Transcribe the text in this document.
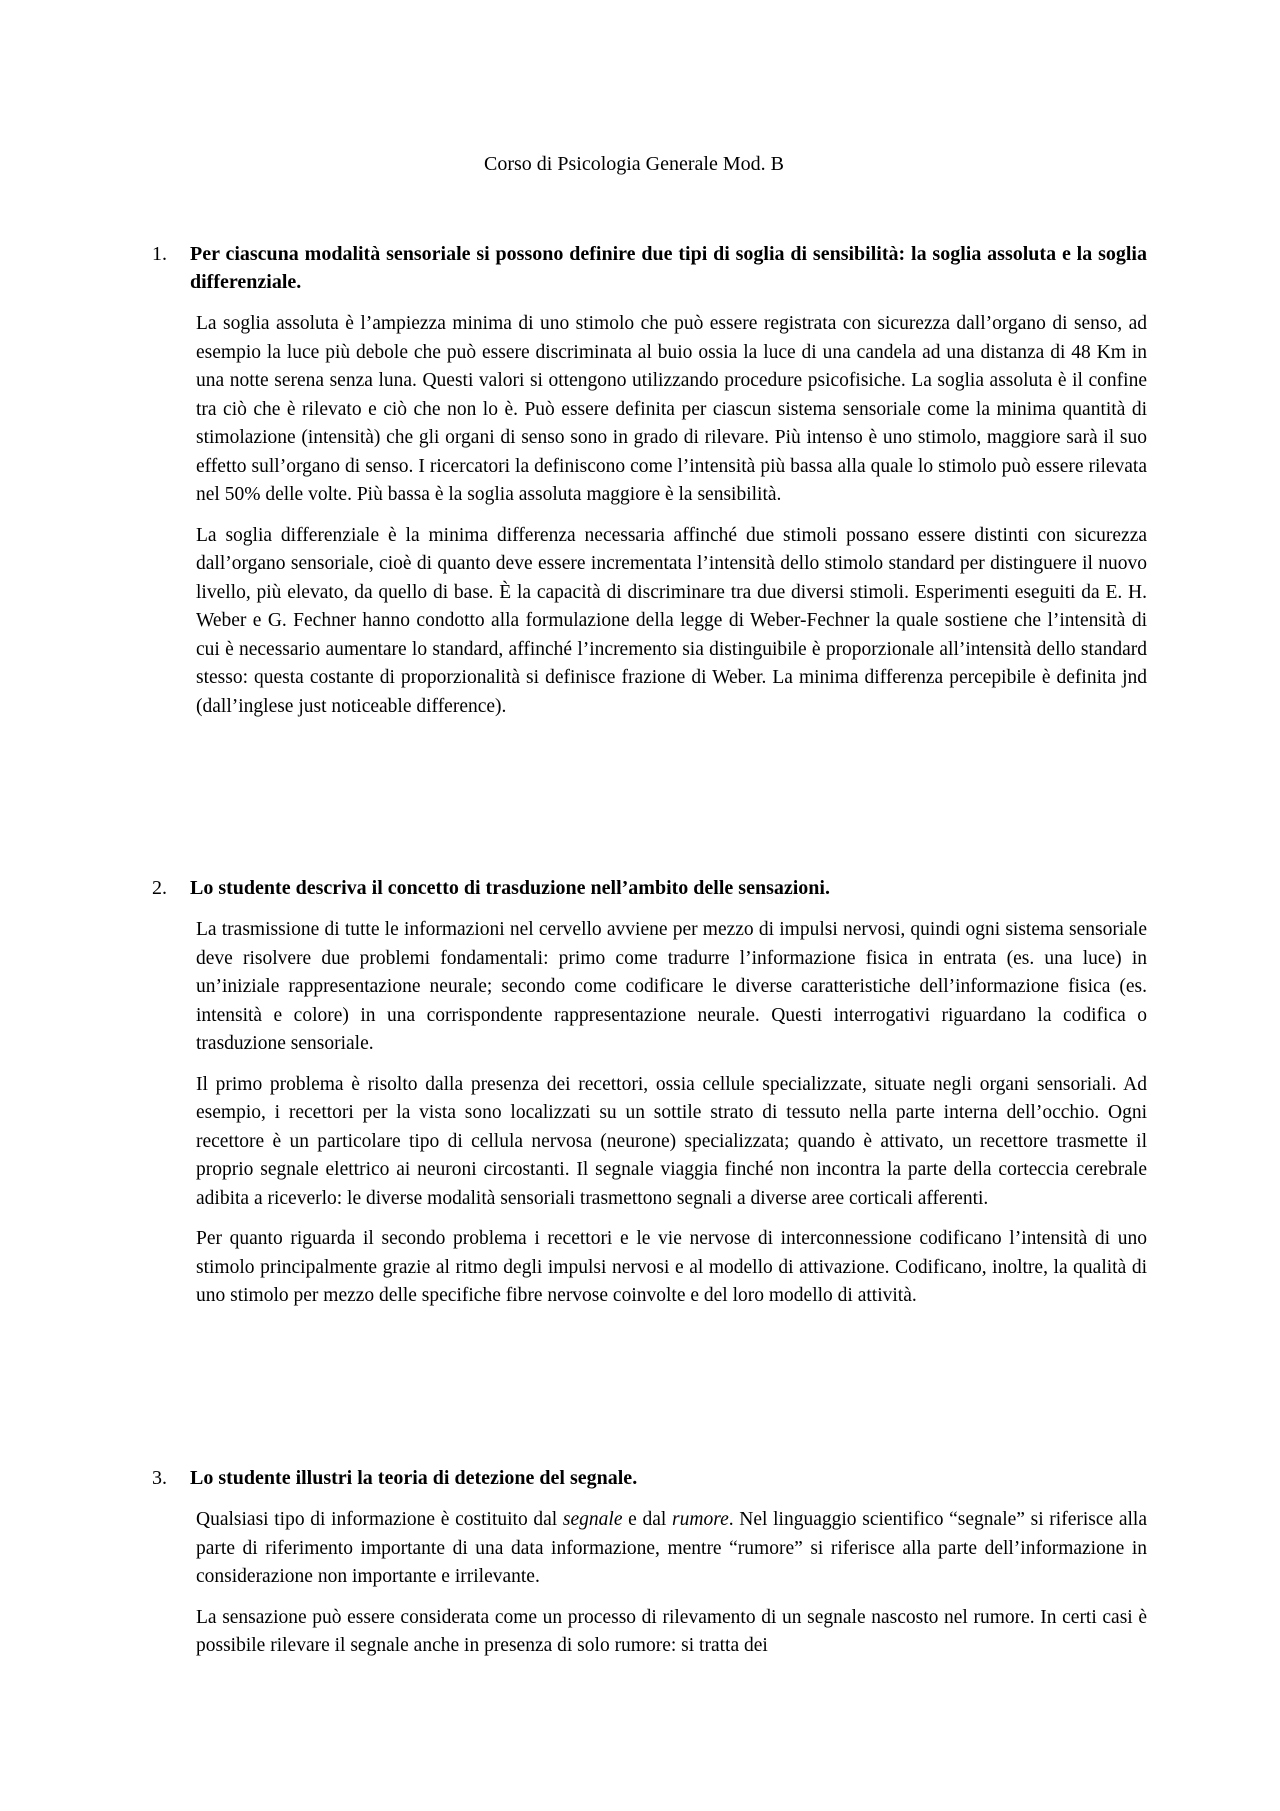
Corso di Psicologia Generale Mod. B
1.	Per ciascuna modalità sensoriale si possono definire due tipi di soglia di sensibilità: la soglia assoluta e la soglia differenziale.

La soglia assoluta è l’ampiezza minima di uno stimolo che può essere registrata con sicurezza dall’organo di senso, ad esempio la luce più debole che può essere discriminata al buio ossia la luce di una candela ad una distanza di 48 Km in una notte serena senza luna. Questi valori si ottengono utilizzando procedure psicofisiche. La soglia assoluta è il confine tra ciò che è rilevato e ciò che non lo è. Può essere definita per ciascun sistema sensoriale come la minima quantità di stimolazione (intensità) che gli organi di senso sono in grado di rilevare. Più intenso è uno stimolo, maggiore sarà il suo effetto sull’organo di senso. I ricercatori la definiscono come l’intensità più bassa alla quale lo stimolo può essere rilevata nel 50% delle volte. Più bassa è la soglia assoluta maggiore è la sensibilità.

La soglia differenziale è la minima differenza necessaria affinché due stimoli possano essere distinti con sicurezza dall’organo sensoriale, cioè di quanto deve essere incrementata l’intensità dello stimolo standard per distinguere il nuovo livello, più elevato, da quello di base. È la capacità di discriminare tra due diversi stimoli. Esperimenti eseguiti da E. H. Weber e G. Fechner hanno condotto alla formulazione della legge di Weber-Fechner la quale sostiene che l’intensità di cui è necessario aumentare lo standard, affinché l’incremento sia distinguibile è proporzionale all’intensità dello standard stesso: questa costante di proporzionalità si definisce frazione di Weber. La minima differenza percepibile è definita jnd (dall’inglese just noticeable difference).

2.	Lo studente descriva il concetto di trasduzione nell’ambito delle sensazioni.

La trasmissione di tutte le informazioni nel cervello avviene per mezzo di impulsi nervosi, quindi ogni sistema sensoriale deve risolvere due problemi fondamentali: primo come tradurre l’informazione fisica in entrata (es. una luce) in un’iniziale rappresentazione neurale; secondo come codificare le diverse caratteristiche dell’informazione fisica (es. intensità e colore) in una corrispondente rappresentazione neurale. Questi interrogativi riguardano la codifica o trasduzione sensoriale.

Il primo problema è risolto dalla presenza dei recettori, ossia cellule specializzate, situate negli organi sensoriali. Ad esempio, i recettori per la vista sono localizzati su un sottile strato di tessuto nella parte interna dell’occhio. Ogni recettore è un particolare tipo di cellula nervosa (neurone) specializzata; quando è attivato, un recettore trasmette il proprio segnale elettrico ai neuroni circostanti. Il segnale viaggia finché non incontra la parte della corteccia cerebrale adibita a riceverlo: le diverse modalità sensoriali trasmettono segnali a diverse aree corticali afferenti.

Per quanto riguarda il secondo problema i recettori e le vie nervose di interconnessione codificano l’intensità di uno stimolo principalmente grazie al ritmo degli impulsi nervosi e al modello di attivazione. Codificano, inoltre, la qualità di uno stimolo per mezzo delle specifiche fibre nervose coinvolte e del loro modello di attività.

3.	Lo studente illustri la teoria di detezione del segnale.

Qualsiasi tipo di informazione è costituito dal segnale e dal rumore. Nel linguaggio scientifico “segnale” si riferisce alla parte di riferimento importante di una data informazione, mentre “rumore” si riferisce alla parte dell’informazione in considerazione non importante e irrilevante.

La sensazione può essere considerata come un processo di rilevamento di un segnale nascosto nel rumore. In certi casi è possibile rilevare il segnale anche in presenza di solo rumore: si tratta dei
